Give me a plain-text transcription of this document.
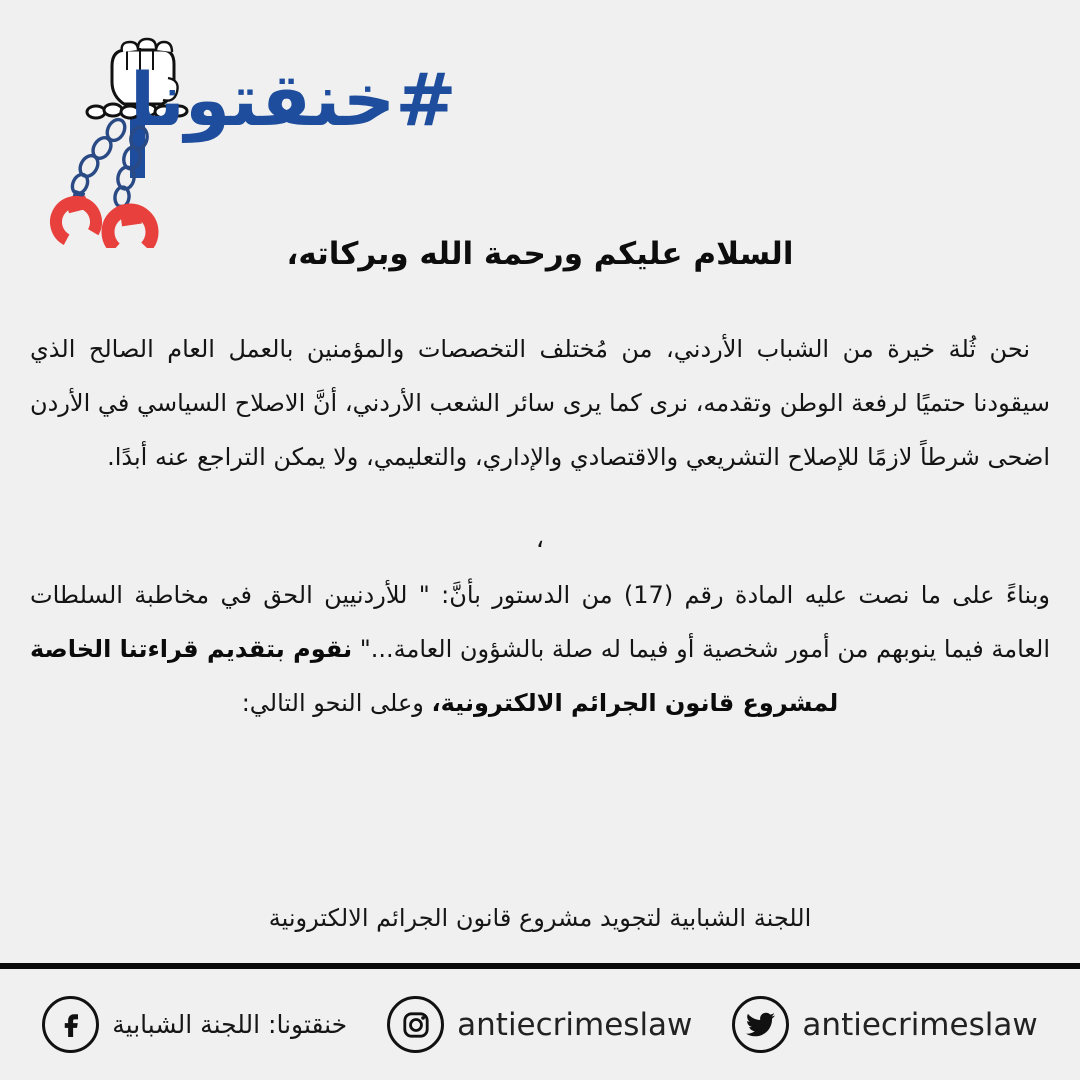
#خنقتونا
السلام عليكم ورحمة الله وبركاته،

نحن ثُلة خيرة من الشباب الأردني، من مُختلف التخصصات والمؤمنين بالعمل العام الصالح الذي سيقودنا حتميًا لرفعة الوطن وتقدمه، نرى كما يرى سائر الشعب الأردني، أنَّ الاصلاح السياسي في الأردن اضحى شرطاً لازمًا للإصلاح التشريعي والاقتصادي والإداري، والتعليمي، ولا يمكن التراجع عنه أبدًا.

،

وبناءً على ما نصت عليه المادة رقم (17) من الدستور بأنَّ: " للأردنيين الحق في مخاطبة السلطات العامة فيما ينوبهم من أمور شخصية أو فيما له صلة بالشؤون العامة..." نقوم بتقديم قراءتنا الخاصة لمشروع قانون الجرائم الالكترونية، وعلى النحو التالي:

اللجنة الشبابية لتجويد مشروع قانون الجرائم الالكترونية
خنقتونا: اللجنة الشبابية	antiecrimeslaw	antiecrimeslaw
